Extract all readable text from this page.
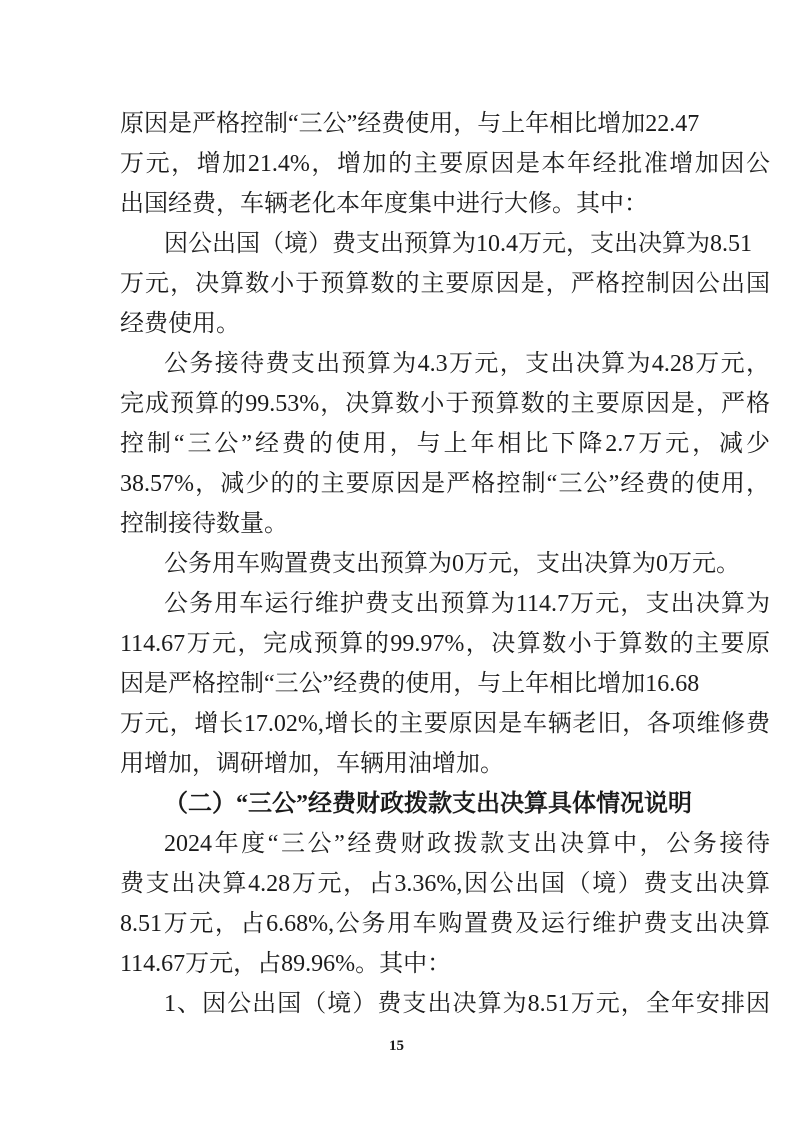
原因是严格控制“三公”经费使用，与上年相比增加22.47
万元，增加21.4%，增加的主要原因是本年经批准增加因公
出国经费，车辆老化本年度集中进行大修。其中：
因公出国（境）费支出预算为10.4万元，支出决算为8.51
万元，决算数小于预算数的主要原因是，严格控制因公出国
经费使用。
公务接待费支出预算为4.3万元，支出决算为4.28万元，
完成预算的99.53%，决算数小于预算数的主要原因是，严格
控制“三公”经费的使用，与上年相比下降2.7万元，减少
38.57%，减少的的主要原因是严格控制“三公”经费的使用，
控制接待数量。
公务用车购置费支出预算为0万元，支出决算为0万元。
公务用车运行维护费支出预算为114.7万元，支出决算为
114.67万元，完成预算的99.97%，决算数小于算数的主要原
因是严格控制“三公”经费的使用，与上年相比增加16.68
万元，增长17.02%,增长的主要原因是车辆老旧，各项维修费
用增加，调研增加，车辆用油增加。
（二）“三公”经费财政拨款支出决算具体情况说明
2024年度“三公”经费财政拨款支出决算中，公务接待
费支出决算4.28万元，占3.36%,因公出国（境）费支出决算
8.51万元，占6.68%,公务用车购置费及运行维护费支出决算
114.67万元，占89.96%。其中：
1、因公出国（境）费支出决算为8.51万元，全年安排因
15
